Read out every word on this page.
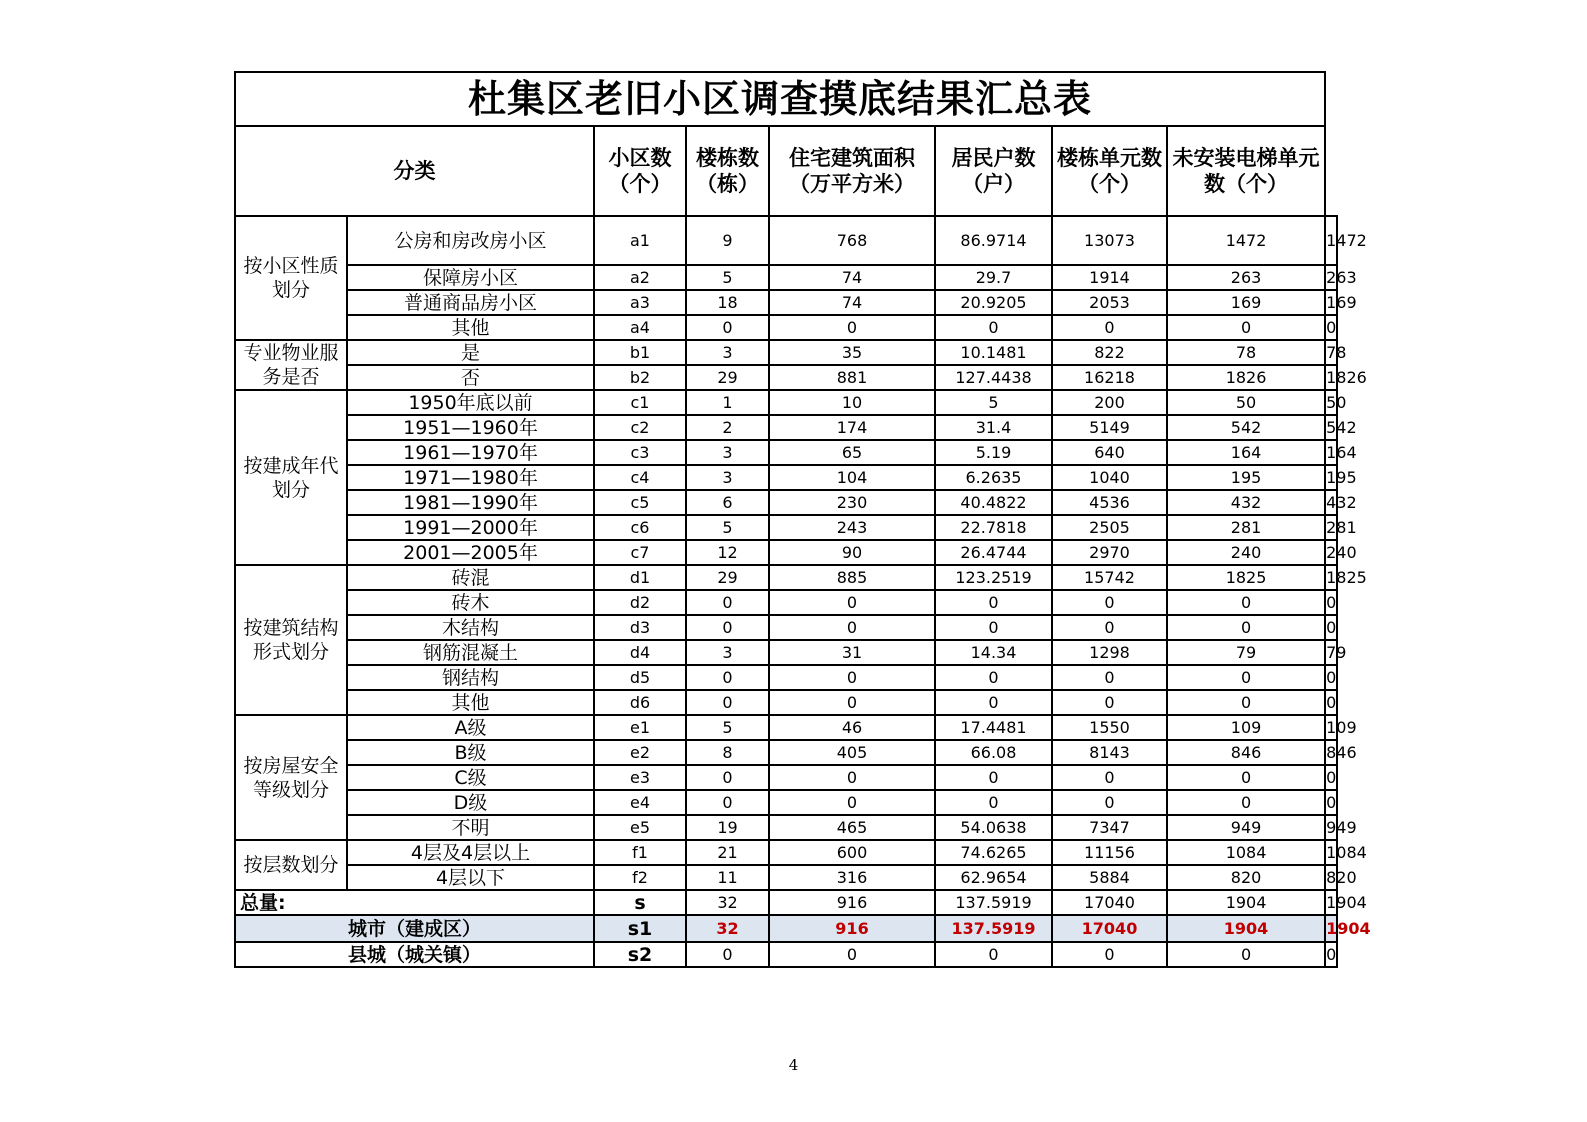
杜集区老旧小区调查摸底结果汇总表								
分类		小区数（个）	楼栋数（栋）	住宅建筑面积（万平方米）	居民户数（户）	楼栋单元数（个）	未安装电梯单元数（个）	
按小区性质划分	公房和房改房小区	a1	9	768	86.9714	13073	1472	1472
	保障房小区	a2	5	74	29.7	1914	263	263
	普通商品房小区	a3	18	74	20.9205	2053	169	169
	其他	a4	0	0	0	0	0	0
专业物业服务是否	是	b1	3	35	10.1481	822	78	78
	否	b2	29	881	127.4438	16218	1826	1826
按建成年代划分	1950年底以前	c1	1	10	5	200	50	50
	1951—1960年	c2	2	174	31.4	5149	542	542
	1961—1970年	c3	3	65	5.19	640	164	164
	1971—1980年	c4	3	104	6.2635	1040	195	195
	1981—1990年	c5	6	230	40.4822	4536	432	432
	1991—2000年	c6	5	243	22.7818	2505	281	281
	2001—2005年	c7	12	90	26.4744	2970	240	240
按建筑结构形式划分	砖混	d1	29	885	123.2519	15742	1825	1825
	砖木	d2	0	0	0	0	0	0
	木结构	d3	0	0	0	0	0	0
	钢筋混凝土	d4	3	31	14.34	1298	79	79
	钢结构	d5	0	0	0	0	0	0
	其他	d6	0	0	0	0	0	0
按房屋安全等级划分	A级	e1	5	46	17.4481	1550	109	109
	B级	e2	8	405	66.08	8143	846	846
	C级	e3	0	0	0	0	0	0
	D级	e4	0	0	0	0	0	0
	不明	e5	19	465	54.0638	7347	949	949
按层数划分	4层及4层以上	f1	21	600	74.6265	11156	1084	1084
	4层以下	f2	11	316	62.9654	5884	820	820
总量:		s	32	916	137.5919	17040	1904	1904
城市（建成区）		s1	32	916	137.5919	17040	1904	1904
县城（城关镇）		s2	0	0	0	0	0	0
4
